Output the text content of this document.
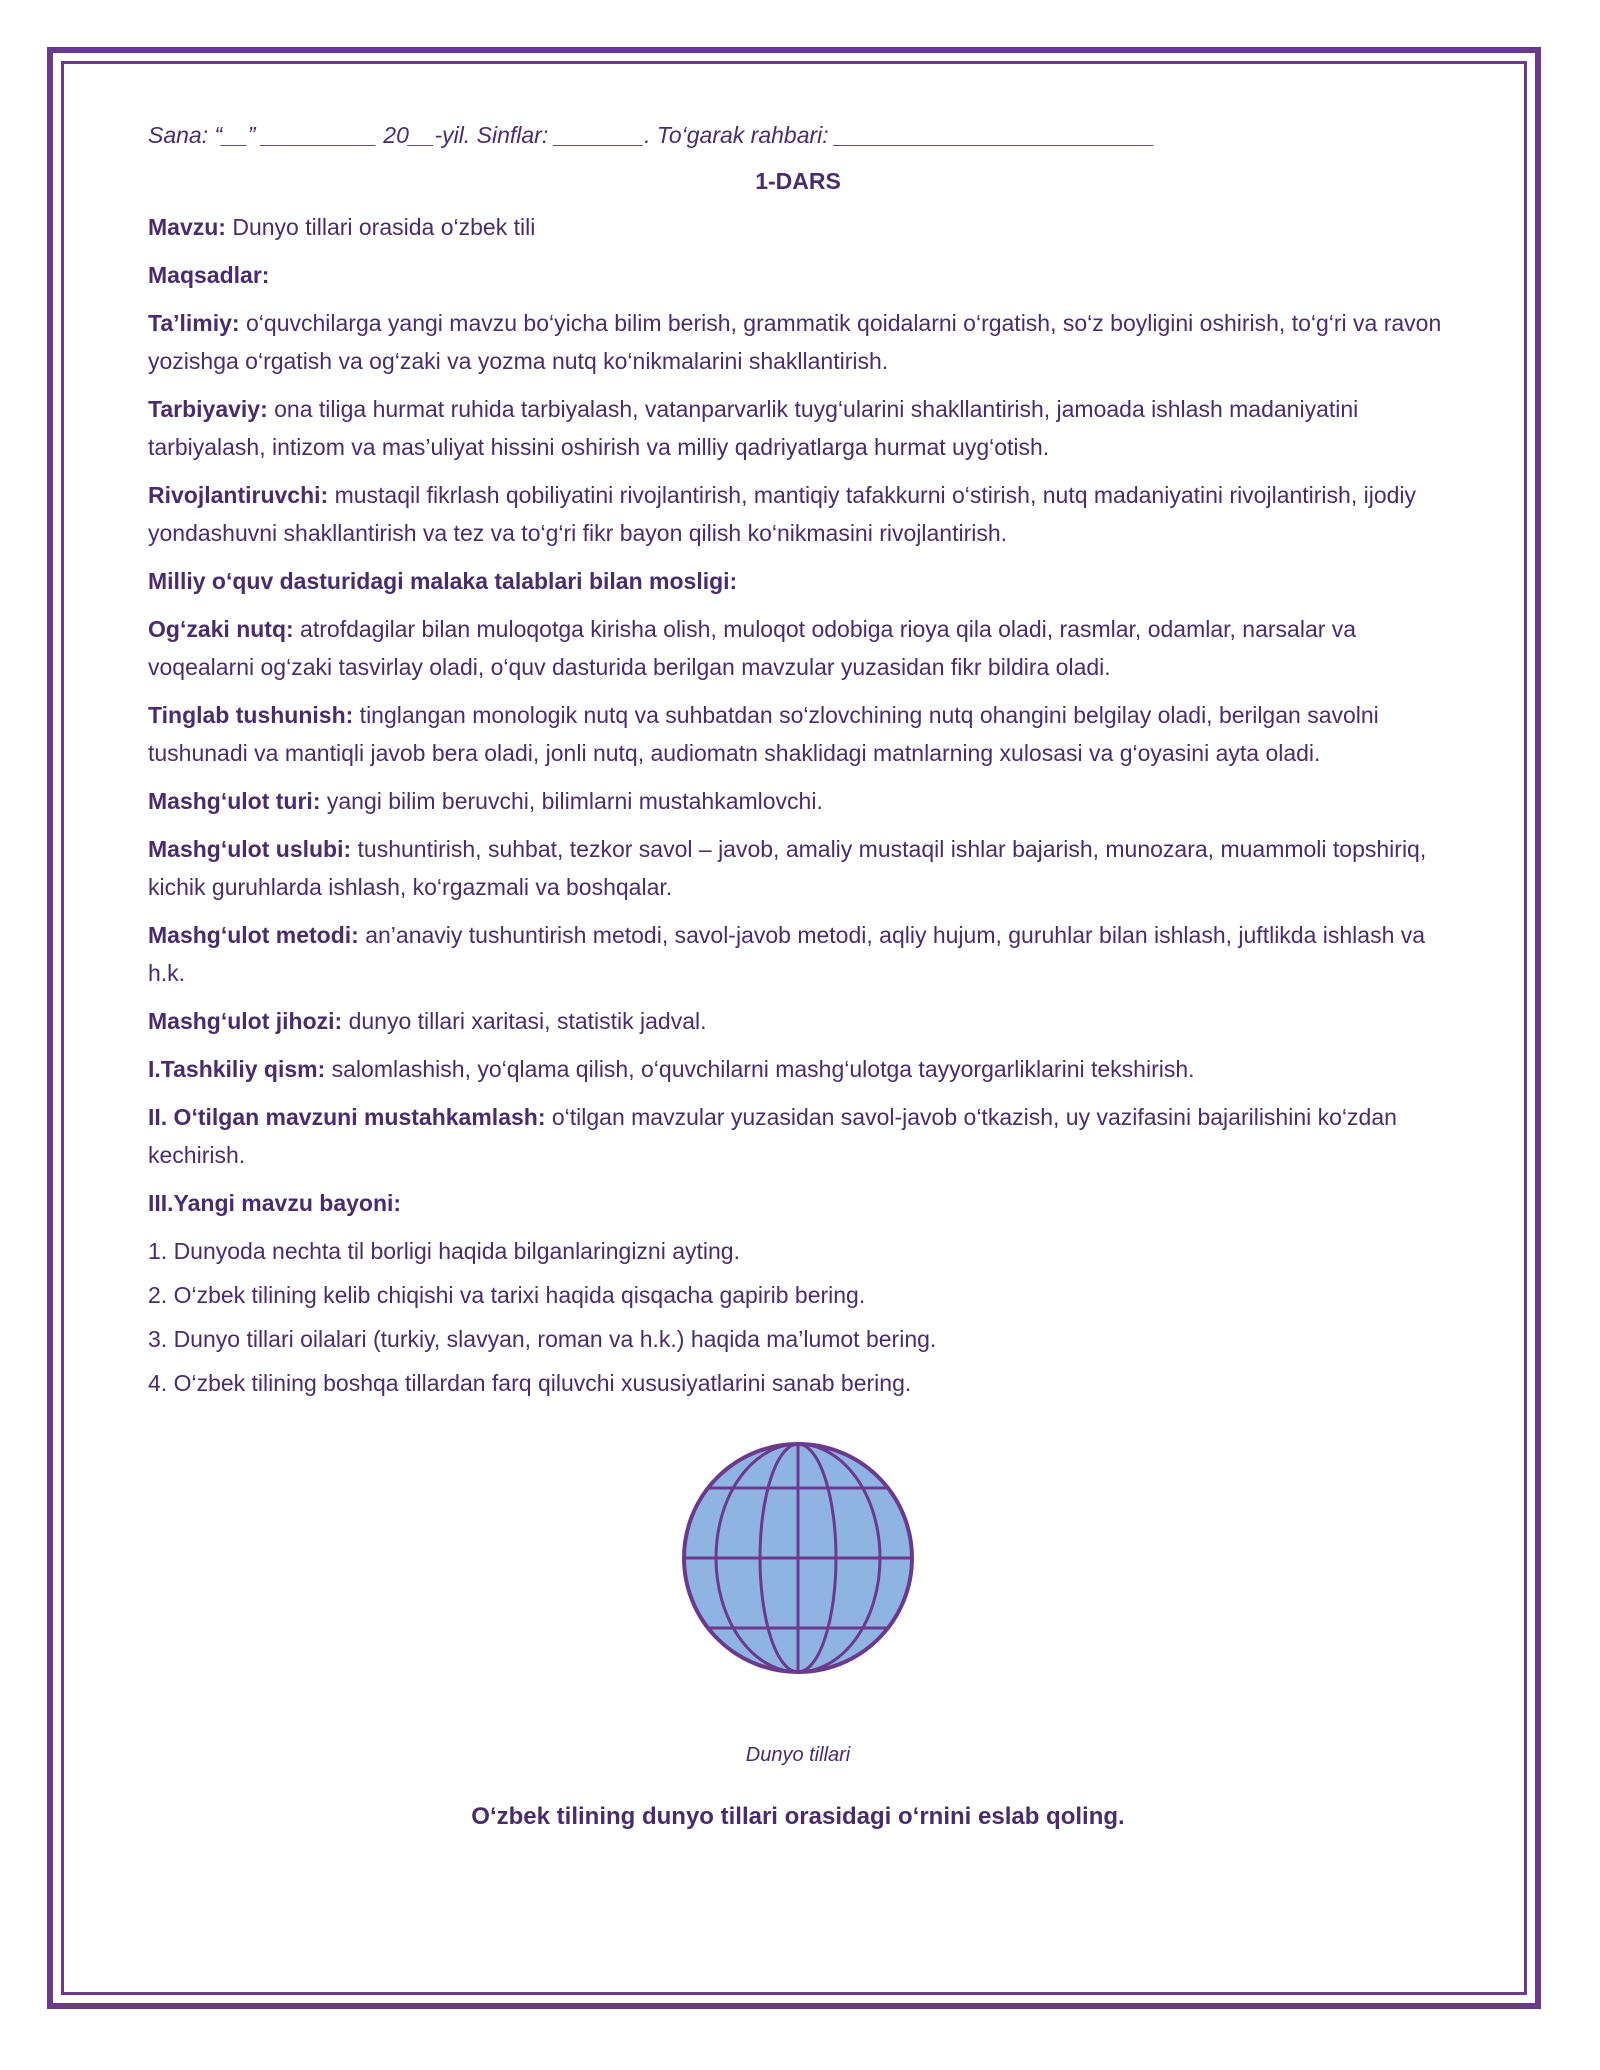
Sana: “__” _________ 20__-yil. Sinflar: _______. To‘garak rahbari: _________________________
1-DARS

Mavzu: Dunyo tillari orasida o‘zbek tili

Maqsadlar:

Ta’limiy: o‘quvchilarga yangi mavzu bo‘yicha bilim berish, grammatik qoidalarni o‘rgatish, so‘z boyligini oshirish, to‘g‘ri va ravon yozishga o‘rgatish va og‘zaki va yozma nutq ko‘nikmalarini shakllantirish.

Tarbiyaviy: ona tiliga hurmat ruhida tarbiyalash, vatanparvarlik tuyg‘ularini shakllantirish, jamoada ishlash madaniyatini tarbiyalash, intizom va mas’uliyat hissini oshirish va milliy qadriyatlarga hurmat uyg‘otish.

Rivojlantiruvchi: mustaqil fikrlash qobiliyatini rivojlantirish, mantiqiy tafakkurni o‘stirish, nutq madaniyatini rivojlantirish, ijodiy yondashuvni shakllantirish va tez va to‘g‘ri fikr bayon qilish ko‘nikmasini rivojlantirish.

Milliy o‘quv dasturidagi malaka talablari bilan mosligi:

Og‘zaki nutq: atrofdagilar bilan muloqotga kirisha olish, muloqot odobiga rioya qila oladi, rasmlar, odamlar, narsalar va voqealarni og‘zaki tasvirlay oladi, o‘quv dasturida berilgan mavzular yuzasidan fikr bildira oladi.

Tinglab tushunish: tinglangan monologik nutq va suhbatdan so‘zlovchining nutq ohangini belgilay oladi, berilgan savolni tushunadi va mantiqli javob bera oladi, jonli nutq, audiomatn shaklidagi matnlarning xulosasi va g‘oyasini ayta oladi.

Mashg‘ulot turi: yangi bilim beruvchi, bilimlarni mustahkamlovchi.

Mashg‘ulot uslubi: tushuntirish, suhbat, tezkor savol – javob, amaliy mustaqil ishlar bajarish, munozara, muammoli topshiriq, kichik guruhlarda ishlash, ko‘rgazmali va boshqalar.

Mashg‘ulot metodi: an’anaviy tushuntirish metodi, savol-javob metodi, aqliy hujum, guruhlar bilan ishlash, juftlikda ishlash va h.k.

Mashg‘ulot jihozi: dunyo tillari xaritasi, statistik jadval.

I.Tashkiliy qism: salomlashish, yo‘qlama qilish, o‘quvchilarni mashg‘ulotga tayyorgarliklarini tekshirish.

II. O‘tilgan mavzuni mustahkamlash: o‘tilgan mavzular yuzasidan savol-javob o‘tkazish, uy vazifasini bajarilishini ko‘zdan kechirish.

III.Yangi mavzu bayoni:

1. Dunyoda nechta til borligi haqida bilganlaringizni ayting.
2. O‘zbek tilining kelib chiqishi va tarixi haqida qisqacha gapirib bering.
3. Dunyo tillari oilalari (turkiy, slavyan, roman va h.k.) haqida ma’lumot bering.
4. O‘zbek tilining boshqa tillardan farq qiluvchi xususiyatlarini sanab bering.
Dunyo tillari
O‘zbek tilining dunyo tillari orasidagi o‘rnini eslab qoling.
